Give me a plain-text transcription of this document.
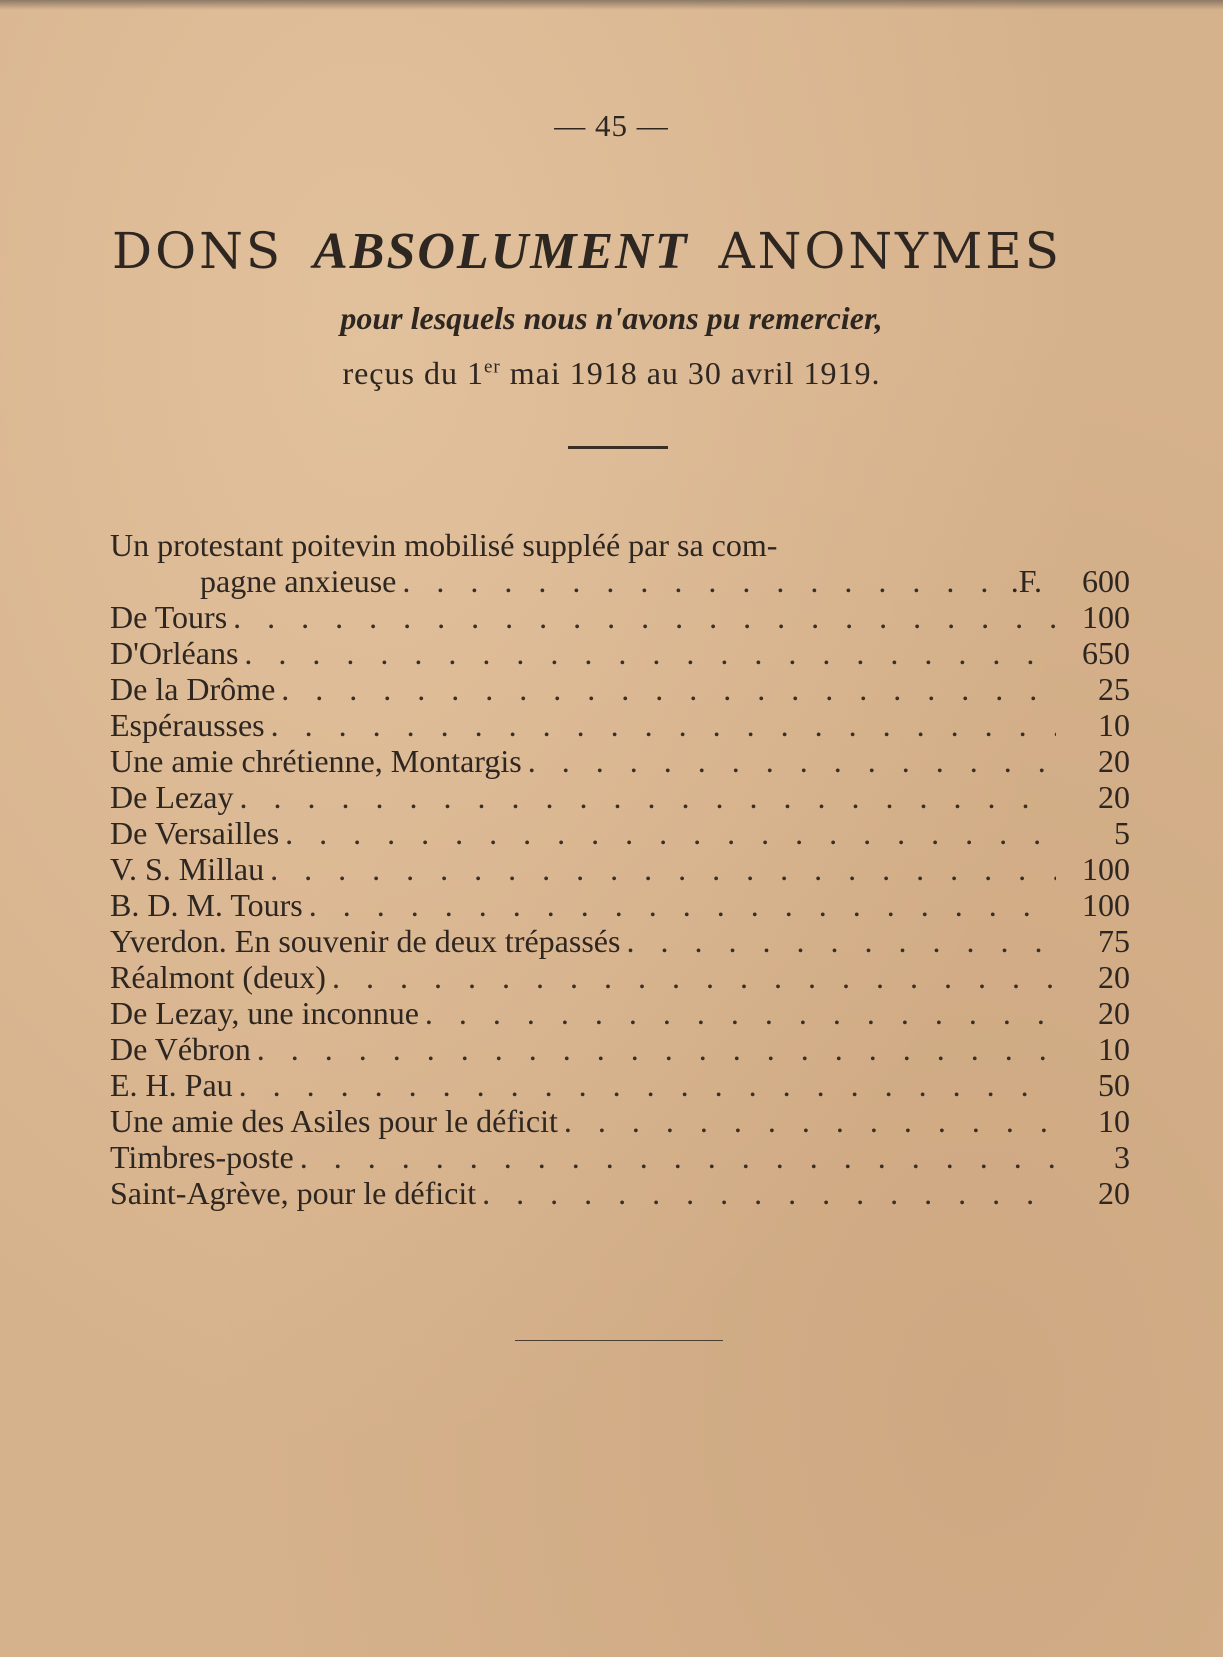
— 45 —
DONS ABSOLUMENT ANONYMES
pour lesquels nous n'avons pu remercier,
reçus du 1er mai 1918 au 30 avril 1919.
Un protestant poitevin mobilisé suppléé par sa com-
pagne anxieuse . . .	.F.	600
De Tours . . .	100
D'Orléans . . .	650
De la Drôme . . .	25
Espérausses . . .	10
Une amie chrétienne, Montargis . . .	20
De Lezay . . .	20
De Versailles . . .	5
V. S. Millau . . .	100
B. D. M. Tours . . .	100
Yverdon. En souvenir de deux trépassés . . .	75
Réalmont (deux) . . .	20
De Lezay, une inconnue . . .	20
De Vébron . . .	10
E. H. Pau . . .	50
Une amie des Asiles pour le déficit . . .	10
Timbres-poste . . .	3
Saint-Agrève, pour le déficit . . .	20
